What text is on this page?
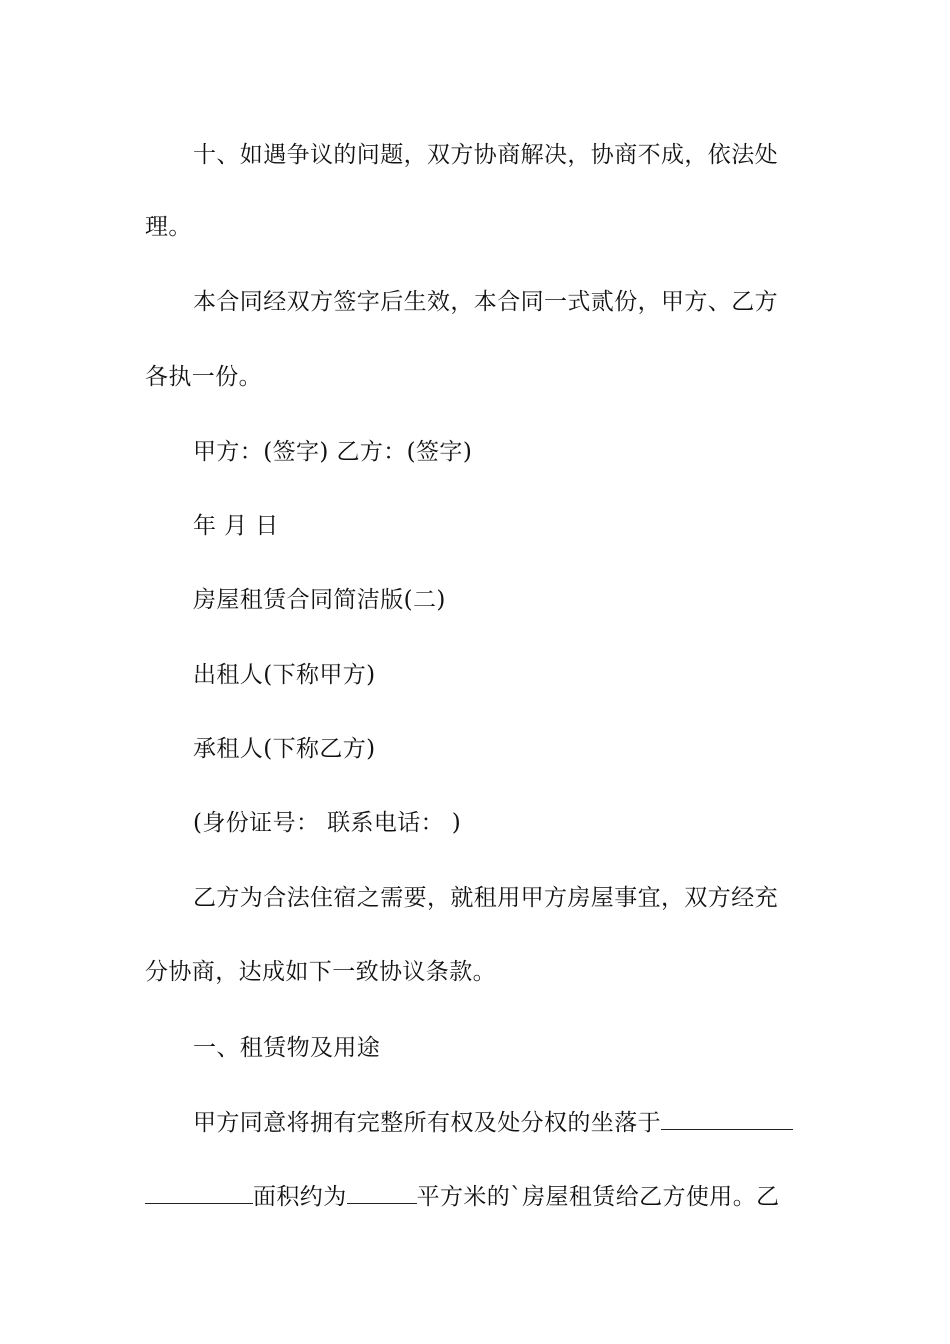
十、如遇争议的问题，双方协商解决，协商不成，依法处
理。
本合同经双方签字后生效，本合同一式贰份，甲方、乙方
各执一份。
甲方：(签字) 乙方：(签字)
年 月 日
房屋租赁合同简洁版(二)
出租人(下称甲方)
承租人(下称乙方)
(身份证号： 联系电话： )
乙方为合法住宿之需要，就租用甲方房屋事宜，双方经充
分协商，达成如下一致协议条款。
一、租赁物及用途
甲方同意将拥有完整所有权及处分权的坐落于
面积约为	平方米的`房屋租赁给乙方使用。乙
